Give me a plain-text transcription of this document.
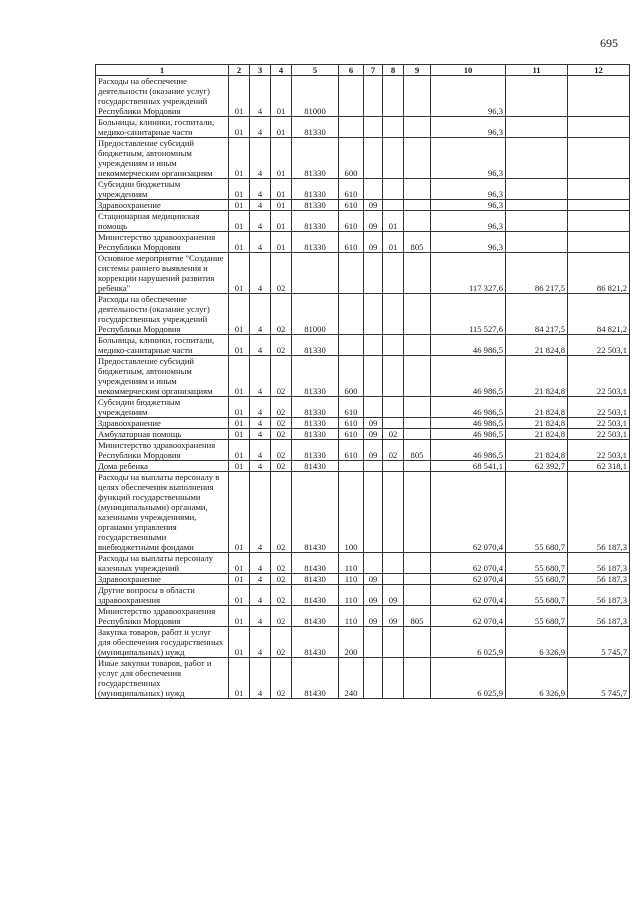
695
1	2	3	4	5	6	7	8	9	10	11	12
Расходы на обеспечение деятельности (оказание услуг) государственных учреждений Республики Мордовия	01	4	01	81000					96,3		
Больницы, клиники, госпитали, медико-санитарные части	01	4	01	81330					96,3		
Предоставление субсидий бюджетным, автономным учреждениям и иным некоммерческим организациям	01	4	01	81330	600				96,3		
Субсидии бюджетным учреждениям	01	4	01	81330	610				96,3		
Здравоохранение	01	4	01	81330	610	09			96,3		
Стационарная медицинская помощь	01	4	01	81330	610	09	01		96,3		
Министерство здравоохранения Республики Мордовия	01	4	01	81330	610	09	01	805	96,3		
Основное мероприятие "Создание системы раннего выявления и коррекции нарушений развития ребенка"	01	4	02						117 327,6	86 217,5	86 821,2
Расходы на обеспечение деятельности (оказание услуг) государственных учреждений Республики Мордовия	01	4	02	81000					115 527,6	84 217,5	84 821,2
Больницы, клиники, госпитали, медико-санитарные части	01	4	02	81330					46 986,5	21 824,8	22 503,1
Предоставление субсидий бюджетным, автономным учреждениям и иным некоммерческим организациям	01	4	02	81330	600				46 986,5	21 824,8	22 503,1
Субсидии бюджетным учреждениям	01	4	02	81330	610				46 986,5	21 824,8	22 503,1
Здравоохранение	01	4	02	81330	610	09			46 986,5	21 824,8	22 503,1
Амбулаторная помощь	01	4	02	81330	610	09	02		46 986,5	21 824,8	22 503,1
Министерство здравоохранения Республики Мордовия	01	4	02	81330	610	09	02	805	46 986,5	21 824,8	22 503,1
Дома ребенка	01	4	02	81430					68 541,1	62 392,7	62 318,1
Расходы на выплаты персоналу в целях обеспечения выполнения функций государственными (муниципальными) органами, казенными учреждениями, органами управления государственными внебюджетными фондами	01	4	02	81430	100				62 070,4	55 680,7	56 187,3
Расходы на выплаты персоналу казенных учреждений	01	4	02	81430	110				62 070,4	55 680,7	56 187,3
Здравоохранение	01	4	02	81430	110	09			62 070,4	55 680,7	56 187,3
Другие вопросы в области здравоохранения	01	4	02	81430	110	09	09		62 070,4	55 680,7	56 187,3
Министерство здравоохранения Республики Мордовия	01	4	02	81430	110	09	09	805	62 070,4	55 680,7	56 187,3
Закупка товаров, работ и услуг для обеспечения государственных (муниципальных) нужд	01	4	02	81430	200				6 025,9	6 326,9	5 745,7
Иные закупки товаров, работ и услуг для обеспечения государственных (муниципальных) нужд	01	4	02	81430	240				6 025,9	6 326,9	5 745,7
